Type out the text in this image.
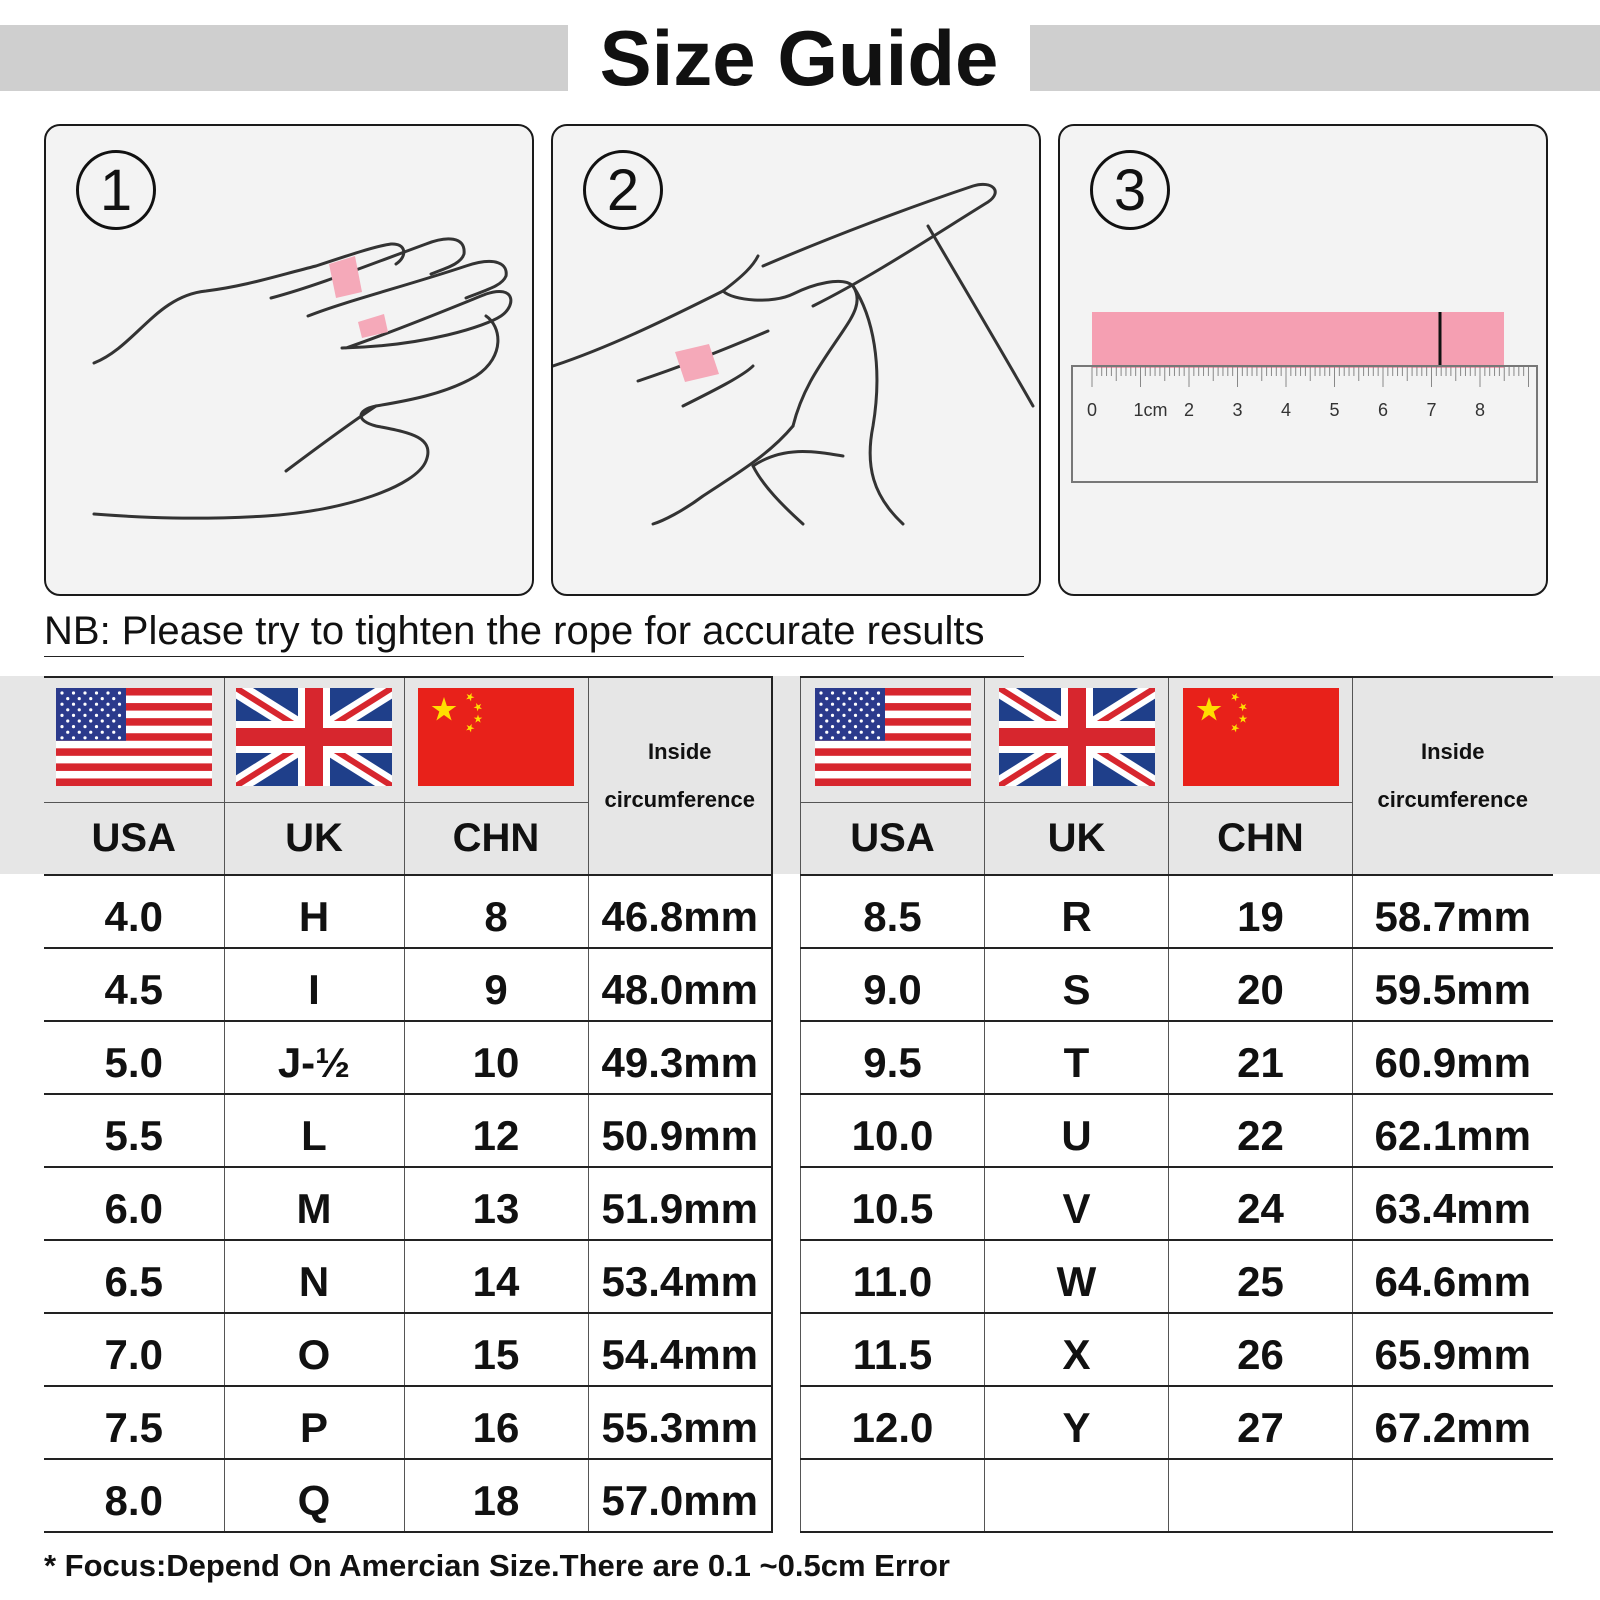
Size Guide
1	2	3
0 1cm 2 3 4 5 6 7 8
NB: Please try to tighten the rope for accurate results

Inside
circumference

USA	UK	CHN	
4.0	H	8	46.8mm
4.5	I	9	48.0mm
5.0	J-½	10	49.3mm
5.5	L	12	50.9mm
6.0	M	13	51.9mm
6.5	N	14	53.4mm
7.0	O	15	54.4mm
7.5	P	16	55.3mm
8.0	Q	18	57.0mm

Inside
circumference

USA	UK	CHN	
8.5	R	19	58.7mm
9.0	S	20	59.5mm
9.5	T	21	60.9mm
10.0	U	22	62.1mm
10.5	V	24	63.4mm
11.0	W	25	64.6mm
11.5	X	26	65.9mm
12.0	Y	27	67.2mm

* Focus:Depend On Amercian Size.There are 0.1 ~0.5cm Error
